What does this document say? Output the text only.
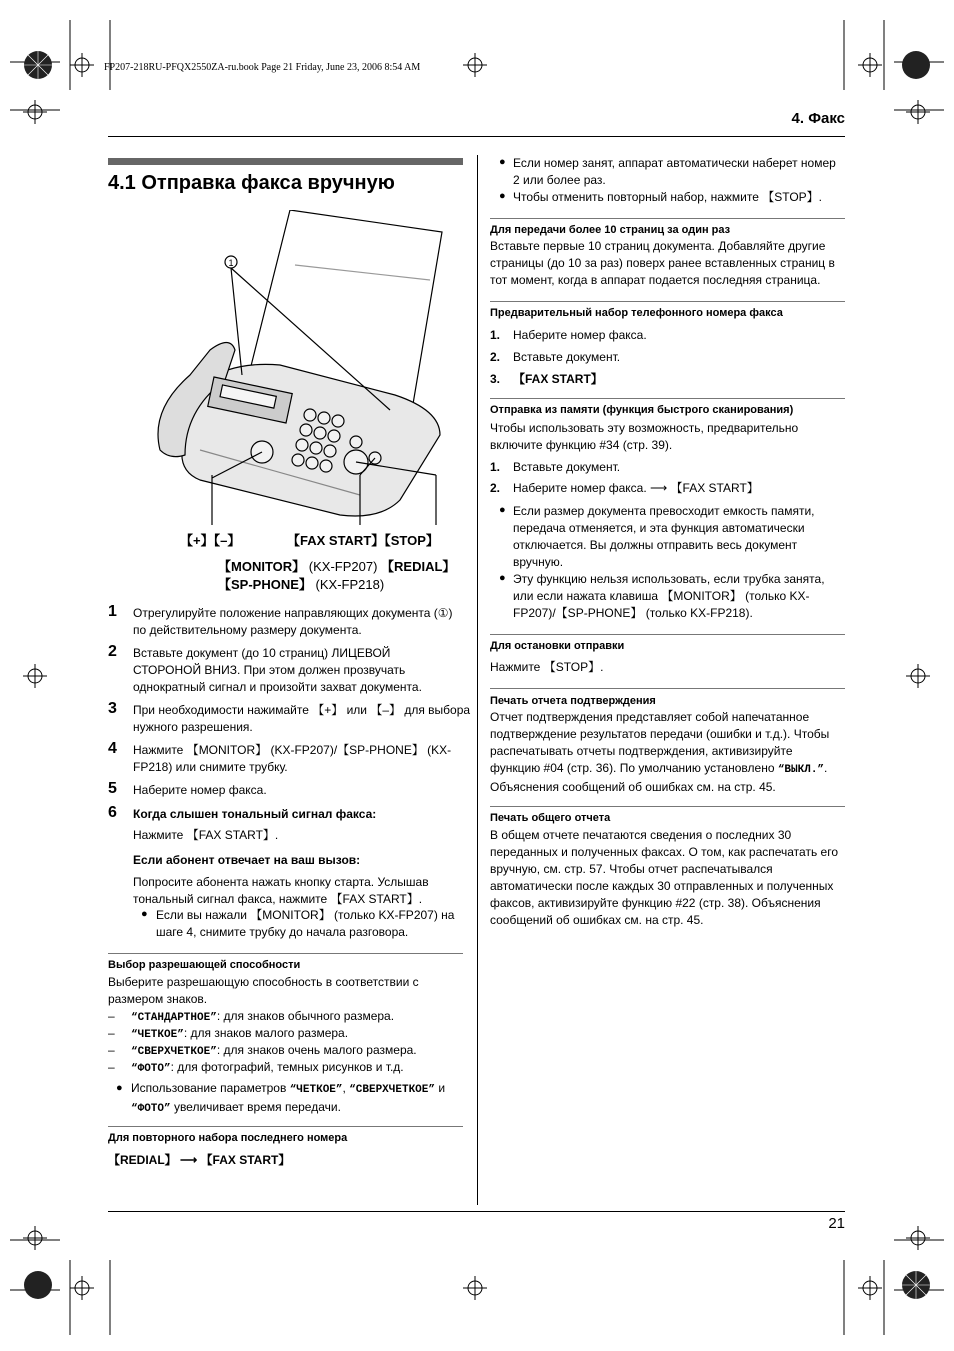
FP207-218RU-PFQX2550ZA-ru.book Page 21 Friday, June 23, 2006 8:54 AM
4. Факс
4.1 Отправка факса вручную
1
【+】【–】	【FAX START】【STOP】
【MONITOR】 (KX-FP207) 【REDIAL】
【SP-PHONE】 (KX-FP218)
1 Отрегулируйте положение направляющих документа (①) по действительному размеру документа.
2 Вставьте документ (до 10 страниц) ЛИЦЕВОЙ

СТОРОНОЙ ВНИЗ. При этом должен прозвучать

однократный сигнал и произойти захват документа.

3 При необходимости нажимайте 【+】 или 【–】 для выбора

нужного разрешения.

4 Нажмите 【MONITOR】 (KX-FP207)/【SP-PHONE】 (KX-

FP218) или снимите трубку.

5 Наберите номер факса.
6 Когда слышен тональный сигнал факса:
Нажмите 【FAX START】.
Если абонент отвечает на ваш вызов:

Попросите абонента нажать кнопку старта. Услышав

тональный сигнал факса, нажмите 【FAX START】.

● Если вы нажали 【MONITOR】 (только KX-FP207) на

шаге 4, снимите трубку до начала разговора.

Выбор разрешающей способности

Выберите разрешающую способность в соответствии с

размером знаков.

– “СТАНДАРТНОЕ”: для знаков обычного размера.
– “ЧЕТКОЕ”: для знаков малого размера.
– “СВЕРХЧЕТКОЕ”: для знаков очень малого размера.
– “ФОТО”: для фотографий, темных рисунков и т.д.
● Использование параметров “ЧЕТКОЕ”, “СВЕРХЧЕТКОЕ” и

“ФОТО” увеличивает время передачи.

Для повторного набора последнего номера
【REDIAL】 ⟶ 【FAX START】
● Если номер занят, аппарат автоматически наберет номер

2 или более раз.

● Чтобы отменить повторный набор, нажмите 【STOP】.

Для передачи более 10 страниц за один раз

Вставьте первые 10 страниц документа. Добавляйте другие

страницы (до 10 за раз) поверх ранее вставленных страниц в

тот момент, когда в аппарат подается последняя страница.

Предварительный набор телефонного номера факса
1. Наберите номер факса.
2. Вставьте документ.
3. 【FAX START】
Отправка из памяти (функция быстрого сканирования)

Чтобы использовать эту возможность, предварительно

включите функцию #34 (стр. 39).

1. Вставьте документ.
2. Наберите номер факса. ⟶ 【FAX START】
● Если размер документа превосходит емкость памяти,

передача отменяется, и эта функция автоматически

отключается. Вы должны отправить весь документ

вручную.

● Эту функцию нельзя использовать, если трубка занята,

или если нажата клавиша 【MONITOR】 (только KX-

FP207)/【SP-PHONE】 (только KX-FP218).

Для остановки отправки
Нажмите 【STOP】.
Печать отчета подтверждения

Отчет подтверждения представляет собой напечатанное

подтверждение результатов передачи (ошибки и т.д.). Чтобы

распечатывать отчеты подтверждения, активизируйте

функцию #04 (стр. 36). По умолчанию установлено “ВЫКЛ.”.

Объяснения сообщений об ошибках см. на стр. 45.

Печать общего отчета

В общем отчете печатаются сведения о последних 30

переданных и полученных факсах. О том, как распечатать его

вручную, см. стр. 57. Чтобы отчет распечатывался

автоматически после каждых 30 отправленных и полученных

факсов, активизируйте функцию #22 (стр. 38). Объяснения

сообщений об ошибках см. на стр. 45.

21
